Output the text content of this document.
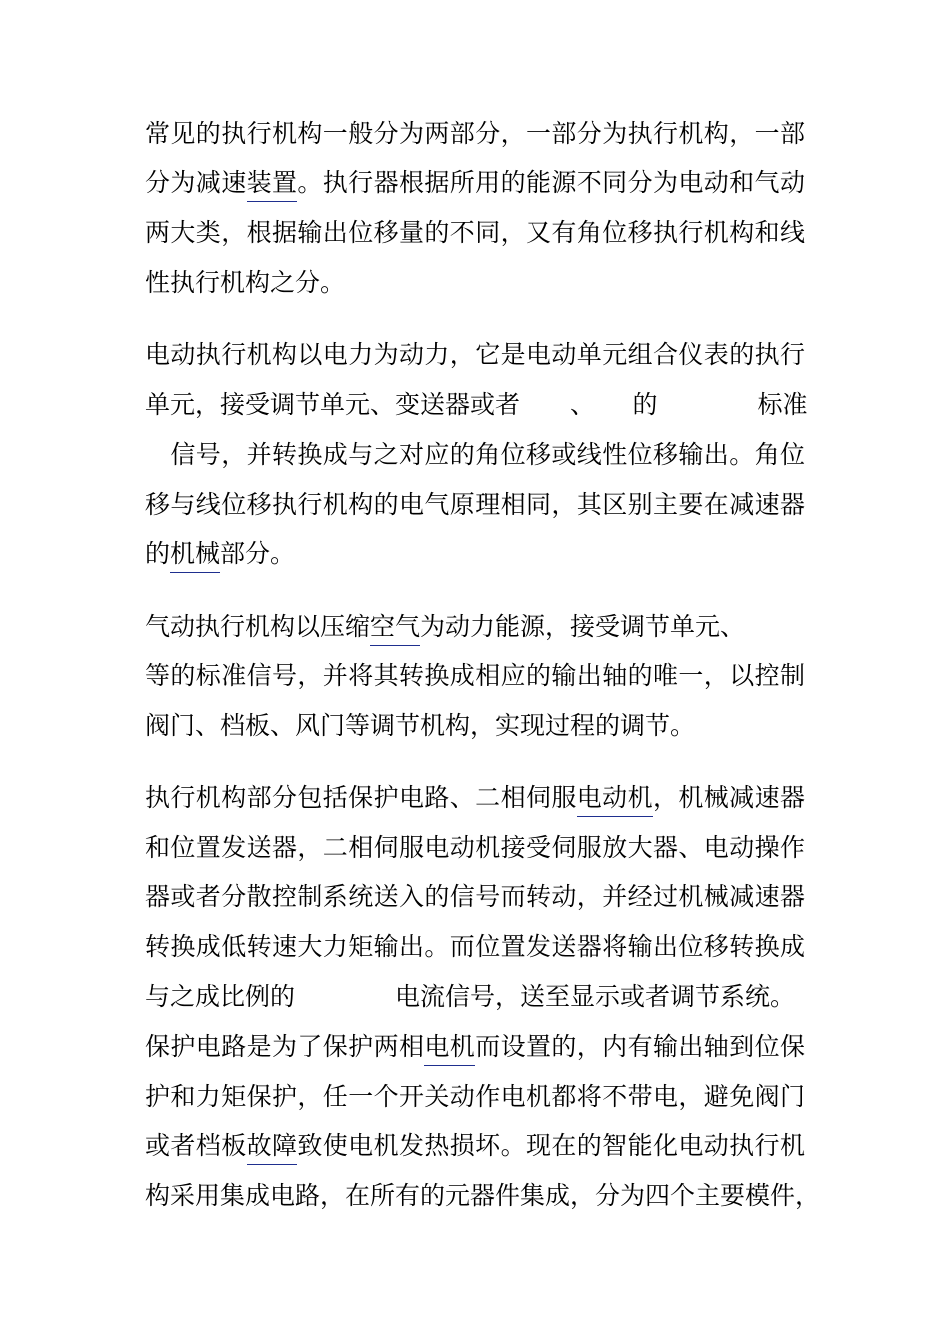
常见的执行机构一般分为两部分，一部分为执行机构，一部
分为减速装置。执行器根据所用的能源不同分为电动和气动
两大类，根据输出位移量的不同，又有角位移执行机构和线
性执行机构之分。
电动执行机构以电力为动力，它是电动单元组合仪表的执行
单元，接受调节单元、变送器或者　　、　　的　　　　标准
　信号，并转换成与之对应的角位移或线性位移输出。角位
移与线位移执行机构的电气原理相同，其区别主要在减速器
的机械部分。
气动执行机构以压缩空气为动力能源，接受调节单元、
等的标准信号，并将其转换成相应的输出轴的唯一，以控制
阀门、档板、风门等调节机构，实现过程的调节。
执行机构部分包括保护电路、二相伺服电动机，机械减速器
和位置发送器，二相伺服电动机接受伺服放大器、电动操作
器或者分散控制系统送入的信号而转动，并经过机械减速器
转换成低转速大力矩输出。而位置发送器将输出位移转换成
与之成比例的　　　　电流信号，送至显示或者调节系统。
保护电路是为了保护两相电机而设置的，内有输出轴到位保
护和力矩保护，任一个开关动作电机都将不带电，避免阀门
或者档板故障致使电机发热损坏。现在的智能化电动执行机
构采用集成电路，在所有的元器件集成，分为四个主要模件，
